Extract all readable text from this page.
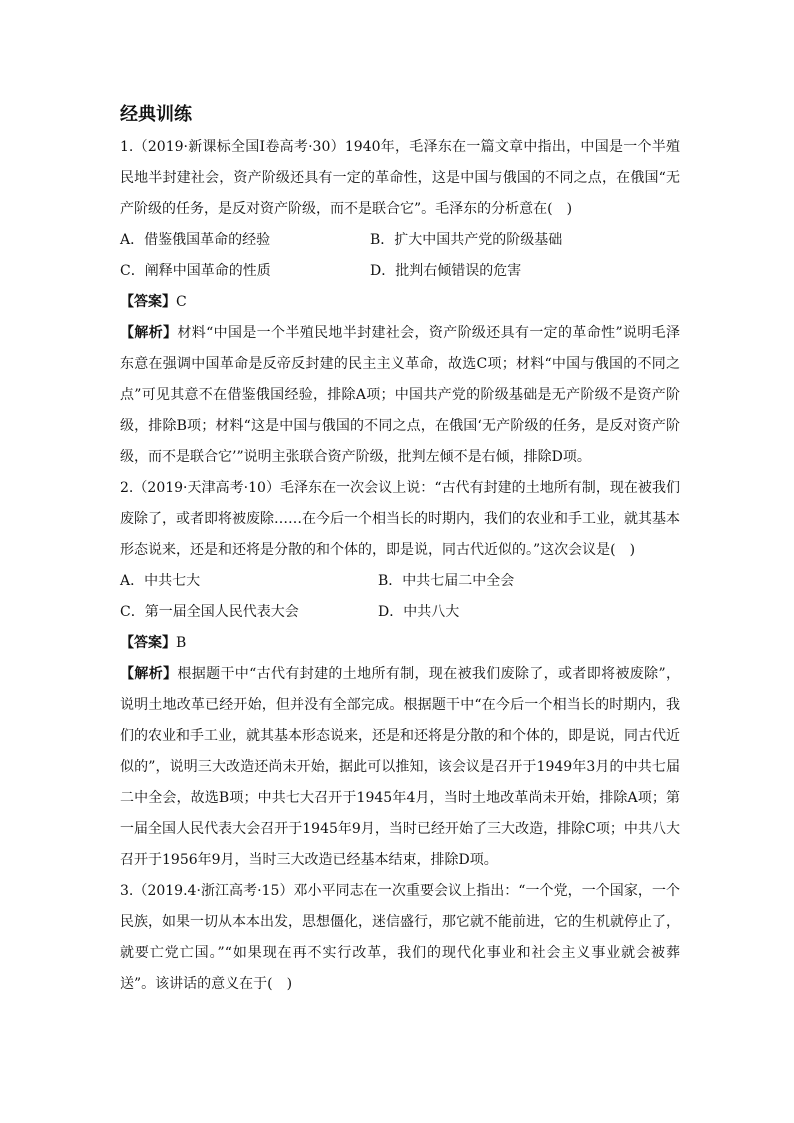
经典训练

1.（2019·新课标全国Ⅰ卷高考·30）1940年，毛泽东在一篇文章中指出，中国是一个半殖民地半封建社会，资产阶级还具有一定的革命性，这是中国与俄国的不同之点，在俄国“无产阶级的任务，是反对资产阶级，而不是联合它”。毛泽东的分析意在(　)

A．借鉴俄国革命的经验	B．扩大中国共产党的阶级基础
C．阐释中国革命的性质	D．批判右倾错误的危害

【答案】C

【解析】材料“中国是一个半殖民地半封建社会，资产阶级还具有一定的革命性”说明毛泽东意在强调中国革命是反帝反封建的民主主义革命，故选C项；材料“中国与俄国的不同之点”可见其意不在借鉴俄国经验，排除A项；中国共产党的阶级基础是无产阶级不是资产阶级，排除B项；材料“这是中国与俄国的不同之点，在俄国‘无产阶级的任务，是反对资产阶级，而不是联合它’”说明主张联合资产阶级，批判左倾不是右倾，排除D项。

2.（2019·天津高考·10）毛泽东在一次会议上说：“古代有封建的土地所有制，现在被我们废除了，或者即将被废除……在今后一个相当长的时期内，我们的农业和手工业，就其基本形态说来，还是和还将是分散的和个体的，即是说，同古代近似的。”这次会议是(　)

A．中共七大	B．中共七届二中全会
C．第一届全国人民代表大会	D．中共八大

【答案】B

【解析】根据题干中“古代有封建的土地所有制，现在被我们废除了，或者即将被废除”，说明土地改革已经开始，但并没有全部完成。根据题干中“在今后一个相当长的时期内，我们的农业和手工业，就其基本形态说来，还是和还将是分散的和个体的，即是说，同古代近似的”，说明三大改造还尚未开始，据此可以推知，该会议是召开于1949年3月的中共七届二中全会，故选B项；中共七大召开于1945年4月，当时土地改革尚未开始，排除A项；第一届全国人民代表大会召开于1945年9月，当时已经开始了三大改造，排除C项；中共八大召开于1956年9月，当时三大改造已经基本结束，排除D项。

3.（2019.4·浙江高考·15）邓小平同志在一次重要会议上指出：“一个党，一个国家，一个民族，如果一切从本本出发，思想僵化，迷信盛行，那它就不能前进，它的生机就停止了，就要亡党亡国。”“如果现在再不实行改革，我们的现代化事业和社会主义事业就会被葬送”。该讲话的意义在于(　)
